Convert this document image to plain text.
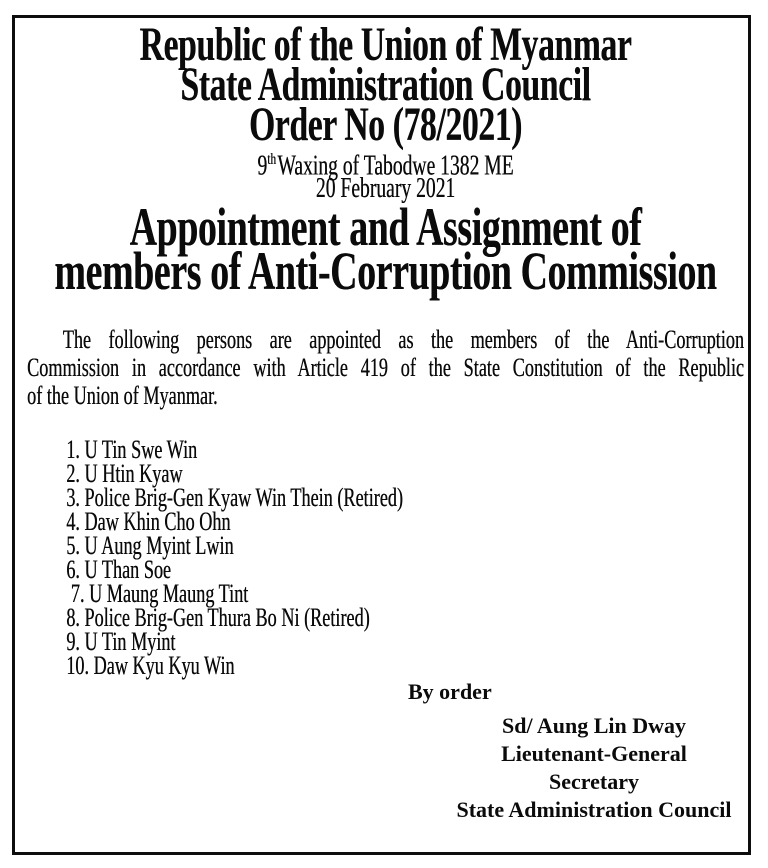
Republic of the Union of Myanmar
State Administration Council
Order No (78/2021)
9thWaxing of Tabodwe 1382 ME
20 February 2021
Appointment and Assignment of
members of Anti-Corruption Commission
The following persons are appointed as the members of the Anti-Corruption
Commission in accordance with Article 419 of the State Constitution of the Republic
of the Union of Myanmar.
1. U Tin Swe Win
2. U Htin Kyaw
3. Police Brig-Gen Kyaw Win Thein (Retired)
4. Daw Khin Cho Ohn
5. U Aung Myint Lwin
6. U Than Soe
7. U Maung Maung Tint
8. Police Brig-Gen Thura Bo Ni (Retired)
9. U Tin Myint
10. Daw Kyu Kyu Win
By order
Sd/ Aung Lin Dway
Lieutenant-General
Secretary
State Administration Council
